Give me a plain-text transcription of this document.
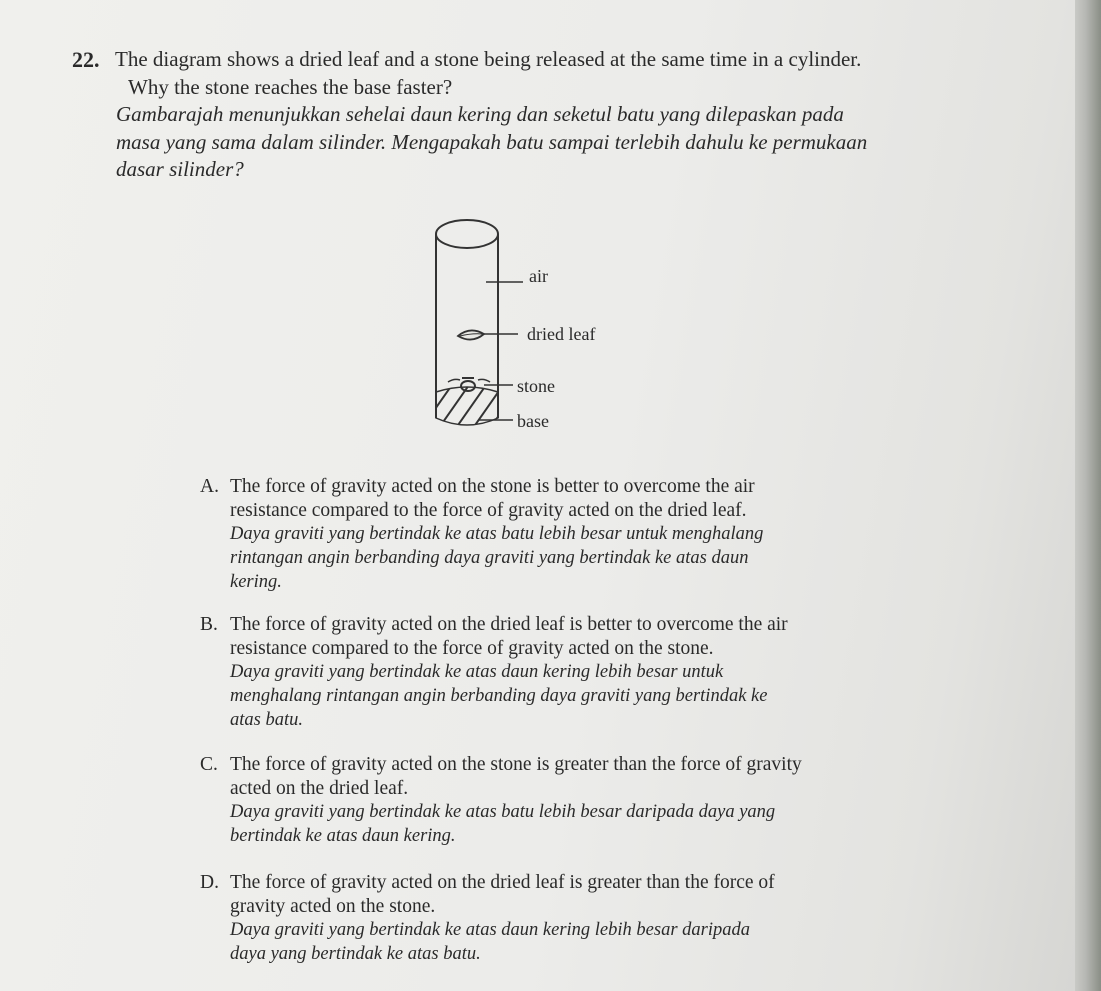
22. The diagram shows a dried leaf and a stone being released at the same time in a cylinder.
Why the stone reaches the base faster?
Gambarajah menunjukkan sehelai daun kering dan seketul batu yang dilepaskan pada
masa yang sama dalam silinder. Mengapakah batu sampai terlebih dahulu ke permukaan
dasar silinder?
air
dried leaf
stone
base
A. The force of gravity acted on the stone is better to overcome the air
resistance compared to the force of gravity acted on the dried leaf.
Daya graviti yang bertindak ke atas batu lebih besar untuk menghalang
rintangan angin berbanding daya graviti yang bertindak ke atas daun
kering.
B. The force of gravity acted on the dried leaf is better to overcome the air
resistance compared to the force of gravity acted on the stone.
Daya graviti yang bertindak ke atas daun kering lebih besar untuk
menghalang rintangan angin berbanding daya graviti yang bertindak ke
atas batu.
C. The force of gravity acted on the stone is greater than the force of gravity
acted on the dried leaf.
Daya graviti yang bertindak ke atas batu lebih besar daripada daya yang
bertindak ke atas daun kering.
D. The force of gravity acted on the dried leaf is greater than the force of
gravity acted on the stone.
Daya graviti yang bertindak ke atas daun kering lebih besar daripada
daya yang bertindak ke atas batu.
